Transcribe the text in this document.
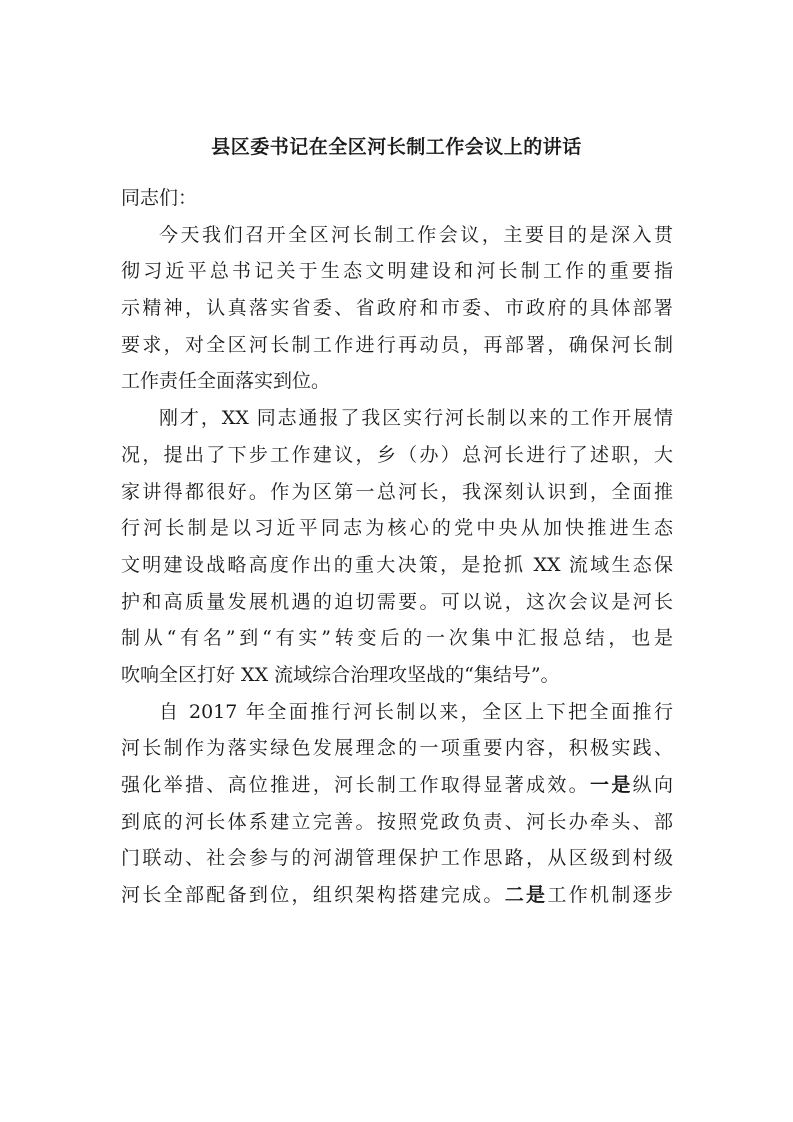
县区委书记在全区河长制工作会议上的讲话
同志们：
今天我们召开全区河长制工作会议，主要目的是深入贯
彻习近平总书记关于生态文明建设和河长制工作的重要指
示精神，认真落实省委、省政府和市委、市政府的具体部署
要求，对全区河长制工作进行再动员，再部署，确保河长制
工作责任全面落实到位。
刚才，XX 同志通报了我区实行河长制以来的工作开展情
况，提出了下步工作建议，乡（办）总河长进行了述职，大
家讲得都很好。作为区第一总河长，我深刻认识到，全面推
行河长制是以习近平同志为核心的党中央从加快推进生态
文明建设战略高度作出的重大决策，是抢抓 XX 流域生态保
护和高质量发展机遇的迫切需要。可以说，这次会议是河长
制从“有名”到“有实”转变后的一次集中汇报总结，也是
吹响全区打好 XX 流域综合治理攻坚战的“集结号”。
自 2017 年全面推行河长制以来，全区上下把全面推行
河长制作为落实绿色发展理念的一项重要内容，积极实践、
强化举措、高位推进，河长制工作取得显著成效。一是纵向
到底的河长体系建立完善。按照党政负责、河长办牵头、部
门联动、社会参与的河湖管理保护工作思路，从区级到村级
河长全部配备到位，组织架构搭建完成。二是工作机制逐步
